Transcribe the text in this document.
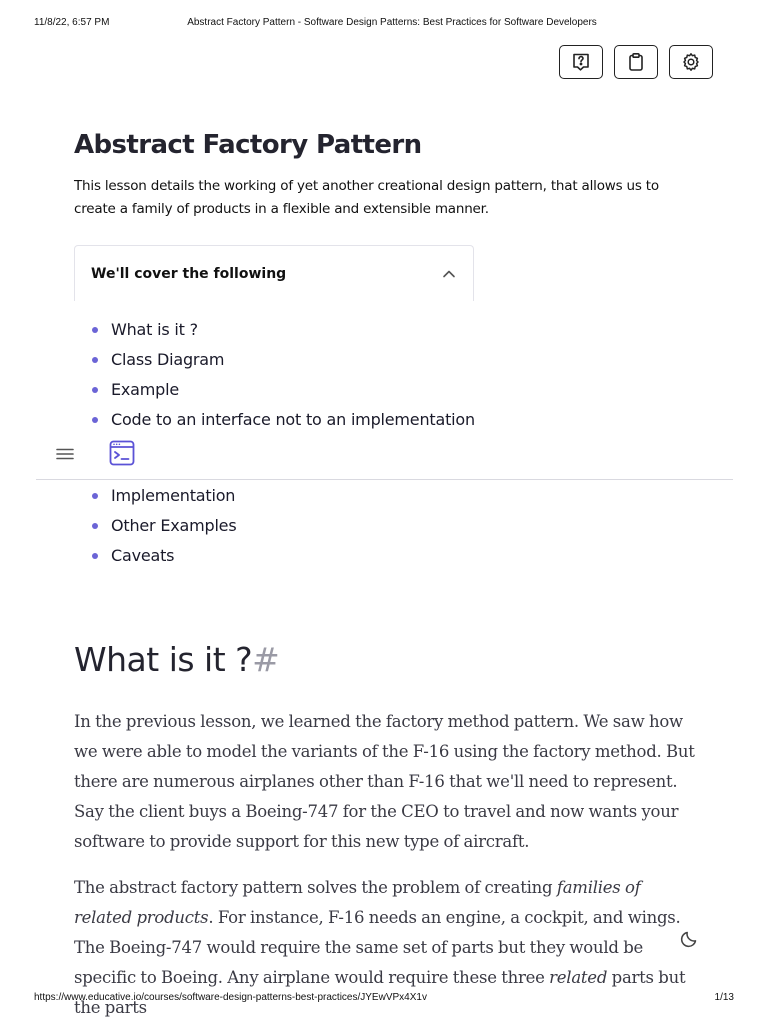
11/8/22, 6:57 PM	Abstract Factory Pattern - Software Design Patterns: Best Practices for Software Developers
Abstract Factory Pattern

This lesson details the working of yet another creational design pattern, that allows us to create a family of products in a flexible and extensible manner.

We'll cover the following
What is it ?
Class Diagram
Example
Code to an interface not to an implementation
Implementation
Other Examples
Caveats
What is it ?#

In the previous lesson, we learned the factory method pattern. We saw how we were able to model the variants of the F-16 using the factory method. But there are numerous airplanes other than F-16 that we'll need to represent. Say the client buys a Boeing-747 for the CEO to travel and now wants your software to provide support for this new type of aircraft.

The abstract factory pattern solves the problem of creating families of related products. For instance, F-16 needs an engine, a cockpit, and wings. The Boeing-747 would require the same set of parts but they would be specific to Boeing. Any airplane would require these three related parts but the parts

https://www.educative.io/courses/software-design-patterns-best-practices/JYEwVPx4X1v	1/13
